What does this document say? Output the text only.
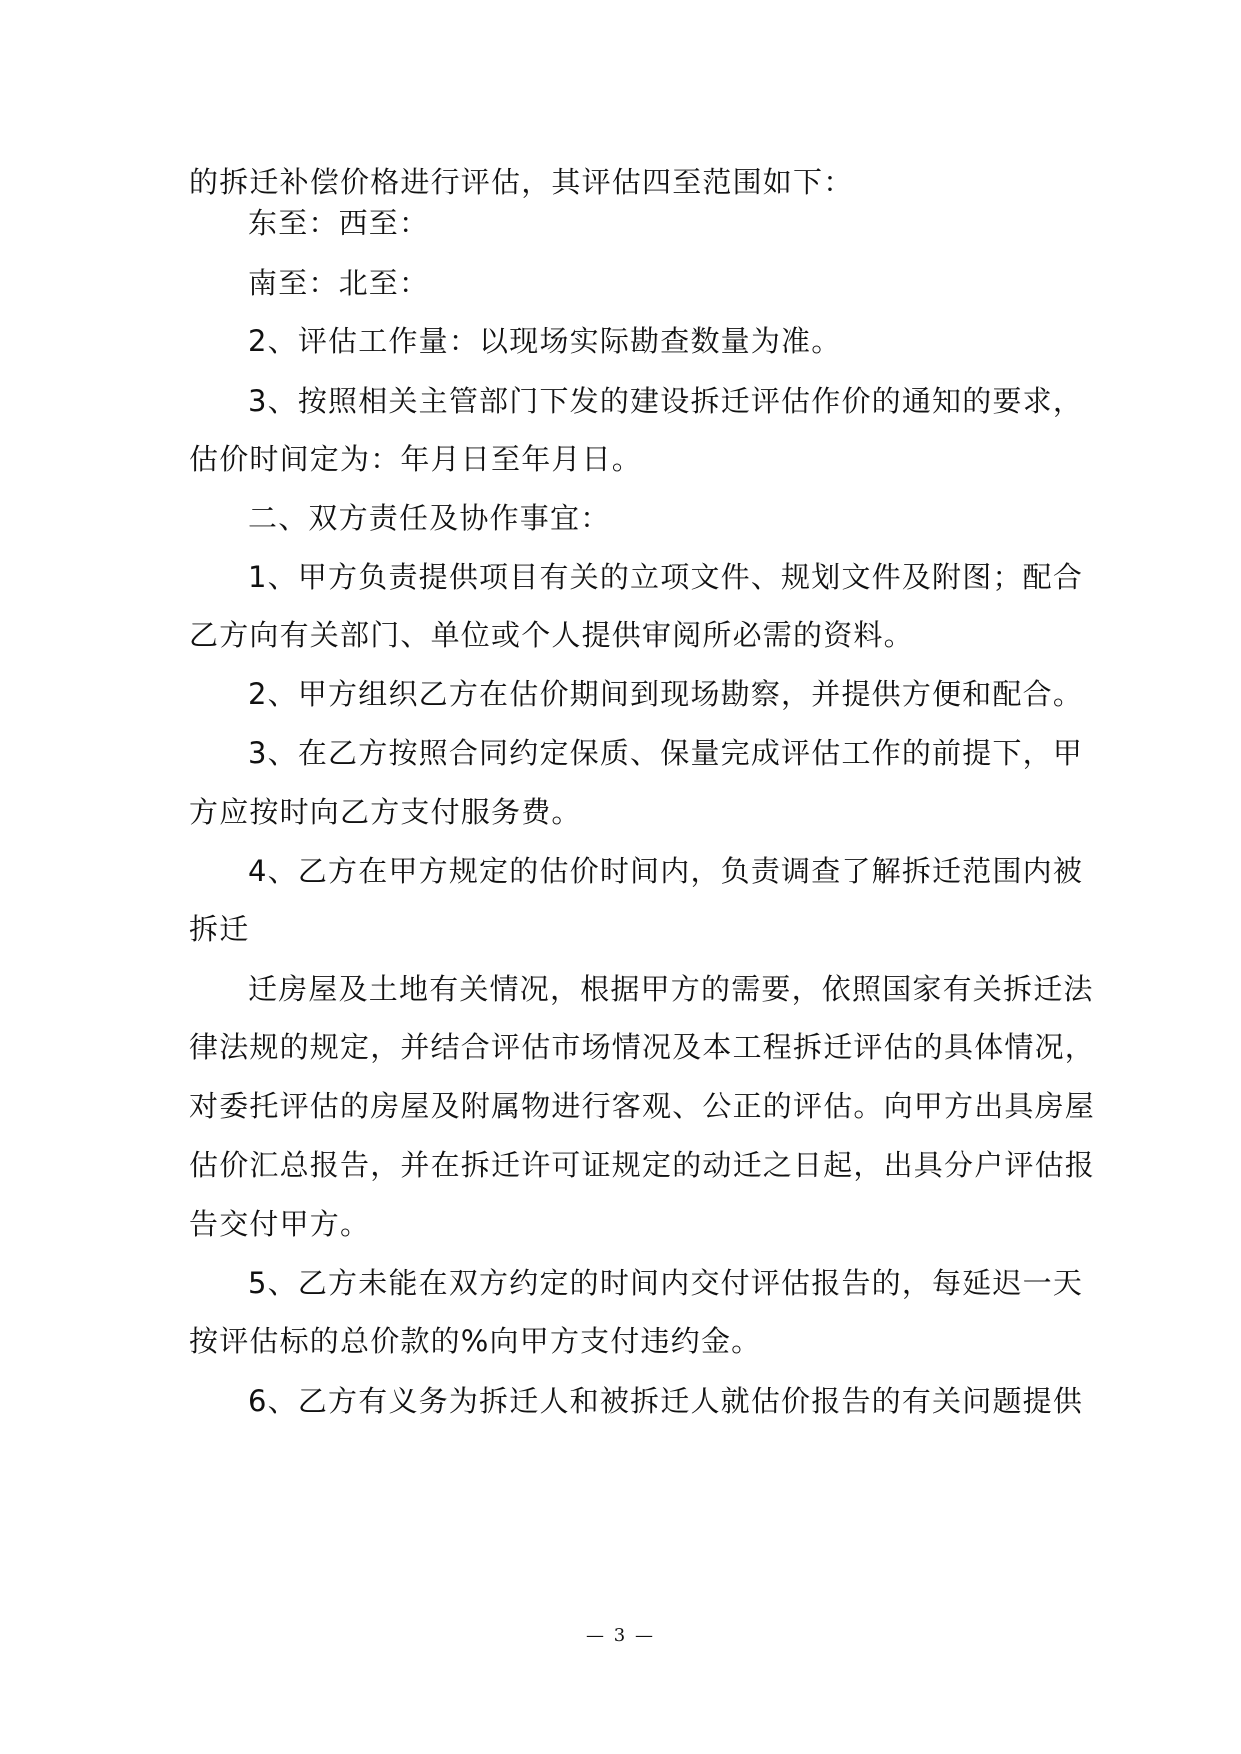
的拆迁补偿价格进行评估，其评估四至范围如下：
东至：西至：
南至：北至：
2、评估工作量：以现场实际勘查数量为准。
3、按照相关主管部门下发的建设拆迁评估作价的通知的要求，
估价时间定为：年月日至年月日。
二、双方责任及协作事宜：
1、甲方负责提供项目有关的立项文件、规划文件及附图；配合
乙方向有关部门、单位或个人提供审阅所必需的资料。
2、甲方组织乙方在估价期间到现场勘察，并提供方便和配合。
3、在乙方按照合同约定保质、保量完成评估工作的前提下，甲
方应按时向乙方支付服务费。
4、乙方在甲方规定的估价时间内，负责调查了解拆迁范围内被
拆迁
迁房屋及土地有关情况，根据甲方的需要，依照国家有关拆迁法
律法规的规定，并结合评估市场情况及本工程拆迁评估的具体情况，
对委托评估的房屋及附属物进行客观、公正的评估。向甲方出具房屋
估价汇总报告，并在拆迁许可证规定的动迁之日起，出具分户评估报
告交付甲方。
5、乙方未能在双方约定的时间内交付评估报告的，每延迟一天
按评估标的总价款的%向甲方支付违约金。
6、乙方有义务为拆迁人和被拆迁人就估价报告的有关问题提供
— 3 —
